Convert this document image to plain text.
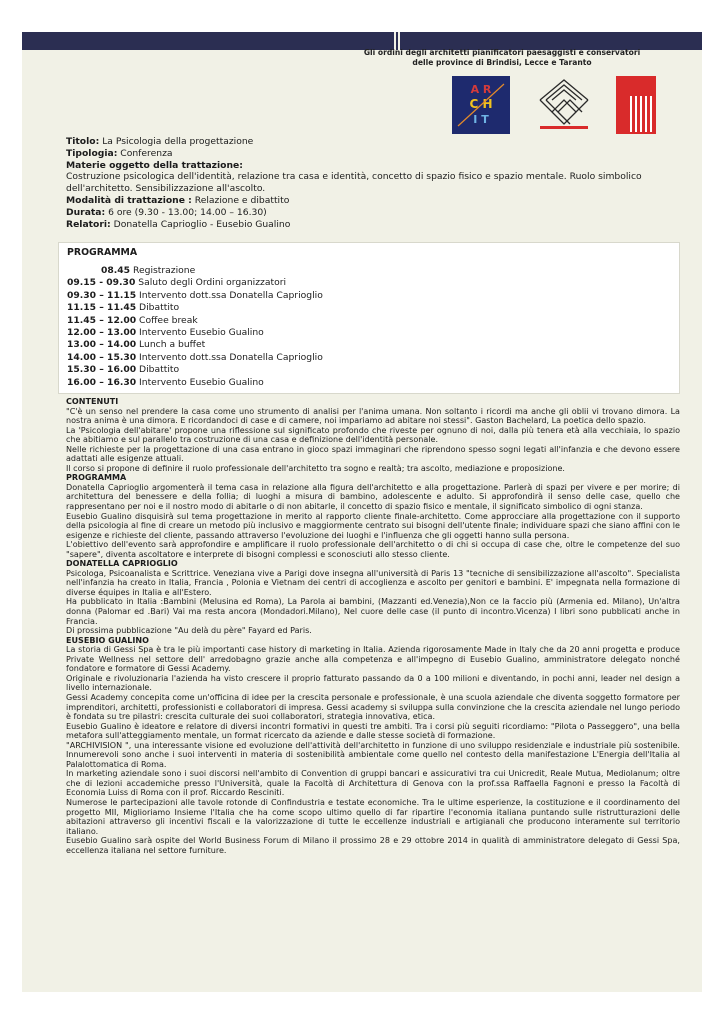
Gli ordini degli architetti pianificatori paesaggisti e conservatori
delle province di Brindisi, Lecce e Taranto
A R
C H
I T
Titolo: La Psicologia della progettazione
Tipologia: Conferenza
Materie oggetto della trattazione:
Costruzione psicologica dell'identità, relazione tra casa e identità, concetto di spazio fisico e spazio mentale. Ruolo simbolico dell'architetto. Sensibilizzazione all'ascolto.
Modalità di trattazione : Relazione e dibattito
Durata: 6 ore (9.30 - 13.00; 14.00 – 16.30)
Relatori: Donatella Caprioglio - Eusebio Gualino
PROGRAMMA
08.45 Registrazione
09.15 - 09.30 Saluto degli Ordini organizzatori
09.30 – 11.15 Intervento dott.ssa Donatella Caprioglio
11.15 – 11.45 Dibattito
11.45 – 12.00 Coffee break
12.00 – 13.00 Intervento Eusebio Gualino
13.00 – 14.00 Lunch a buffet
14.00 – 15.30 Intervento dott.ssa Donatella Caprioglio
15.30 – 16.00 Dibattito
16.00 – 16.30 Intervento Eusebio Gualino

CONTENUTI

"C'è un senso nel prendere la casa come uno strumento di analisi per l'anima umana. Non soltanto i ricordi ma anche gli oblii vi trovano dimora. La nostra anima è una dimora. E ricordandoci di case e di camere, noi impariamo ad abitare noi stessi". Gaston Bachelard, La poetica dello spazio.

La 'Psicologia dell'abitare' propone una riflessione sul significato profondo che riveste per ognuno di noi, dalla più tenera età alla vecchiaia, lo spazio che abitiamo e sul parallelo tra costruzione di una casa e definizione dell'identità personale.

Nelle richieste per la progettazione di una casa entrano in gioco spazi immaginari che riprendono spesso sogni legati all'infanzia e che devono essere adattati alle esigenze attuali.

Il corso si propone di definire il ruolo professionale dell'architetto tra sogno e realtà; tra ascolto, mediazione e proposizione.

PROGRAMMA

Donatella Caprioglio argomenterà il tema casa in relazione alla figura dell'architetto e alla progettazione. Parlerà di spazi per vivere e per morire; di architettura del benessere e della follia; di luoghi a misura di bambino, adolescente e adulto. Si approfondirà il senso delle case, quello che rappresentano per noi e il nostro modo di abitarle o di non abitarle, il concetto di spazio fisico e mentale, il significato simbolico di ogni stanza.

Eusebio Gualino disquisirà sul tema progettazione in merito al rapporto cliente finale-architetto. Come approcciare alla progettazione con il supporto della psicologia al fine di creare un metodo più inclusivo e maggiormente centrato sui bisogni dell'utente finale; individuare spazi che siano affini con le esigenze e richieste del cliente, passando attraverso l'evoluzione dei luoghi e l'influenza che gli oggetti hanno sulla persona.

L'obiettivo dell'evento sarà approfondire e amplificare il ruolo professionale dell'architetto o di chi si occupa di case che, oltre le competenze del suo "sapere", diventa ascoltatore e interprete di bisogni complessi e sconosciuti allo stesso cliente.

DONATELLA CAPRIOGLIO

Psicologa, Psicoanalista e Scrittrice. Veneziana vive a Parigi dove insegna all'università di Paris 13 "tecniche di sensibilizzazione all'ascolto". Specialista nell'infanzia ha creato in Italia, Francia , Polonia e Vietnam dei centri di accoglienza e ascolto per genitori e bambini. E' impegnata nella formazione di diverse équipes in Italia e all'Estero.

Ha pubblicato in Italia :Bambini (Melusina ed Roma), La Parola ai bambini, (Mazzanti ed.Venezia),Non ce la faccio più (Armenia ed. Milano), Un'altra donna (Palomar ed .Bari) Vai ma resta ancora (Mondadori.Milano), Nel cuore delle case (il punto di incontro.Vicenza) I libri sono pubblicati anche in Francia.

Di prossima pubblicazione "Au delà du père" Fayard ed Paris.

EUSEBIO GUALINO

La storia di Gessi Spa è tra le più importanti case history di marketing in Italia. Azienda rigorosamente Made in Italy che da 20 anni progetta e produce Private Wellness nel settore dell' arredobagno grazie anche alla competenza e all'impegno di Eusebio Gualino, amministratore delegato nonché fondatore e formatore di Gessi Academy.

Originale e rivoluzionaria l'azienda ha visto crescere il proprio fatturato passando da 0 a 100 milioni e diventando, in pochi anni, leader nel design a livello internazionale.

Gessi Academy concepita come un'officina di idee per la crescita personale e professionale, è una scuola aziendale che diventa soggetto formatore per imprenditori, architetti, professionisti e collaboratori di impresa. Gessi academy si sviluppa sulla convinzione che la crescita aziendale nel lungo periodo è fondata su tre pilastri: crescita culturale dei suoi collaboratori, strategia innovativa, etica.

Eusebio Gualino è ideatore e relatore di diversi incontri formativi in questi tre ambiti. Tra i corsi più seguiti ricordiamo: "Pilota o Passeggero", una bella metafora sull'atteggiamento mentale, un format ricercato da aziende e dalle stesse società di formazione.

"ARCHIVISION ", una interessante visione ed evoluzione dell'attività dell'architetto in funzione di uno sviluppo residenziale e industriale più sostenibile. Innumerevoli sono anche i suoi interventi in materia di sostenibilità ambientale come quello nel contesto della manifestazione L'Energia dell'Italia al Palalottomatica di Roma.

In marketing aziendale sono i suoi discorsi nell'ambito di Convention di gruppi bancari e assicurativi tra cui Unicredit, Reale Mutua, Mediolanum; oltre che di lezioni accademiche presso l'Università, quale la Facoltà di Architettura di Genova con la prof.ssa Raffaella Fagnoni e presso la Facoltà di Economia Luiss di Roma con il prof. Riccardo Resciniti.

Numerose le partecipazioni alle tavole rotonde di Confindustria e testate economiche. Tra le ultime esperienze, la costituzione e il coordinamento del progetto MII, Miglioriamo Insieme l'Italia che ha come scopo ultimo quello di far ripartire l'economia italiana puntando sulle ristrutturazioni delle abitazioni attraverso gli incentivi fiscali e la valorizzazione di tutte le eccellenze industriali e artigianali che producono interamente sul territorio italiano.

Eusebio Gualino sarà ospite del World Business Forum di Milano il prossimo 28 e 29 ottobre 2014 in qualità di amministratore delegato di Gessi Spa, eccellenza italiana nel settore furniture.
